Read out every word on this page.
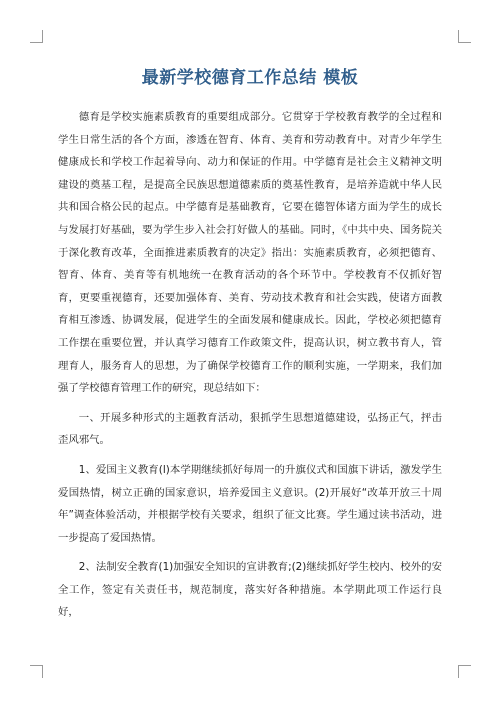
最新学校德育工作总结 模板

德育是学校实施素质教育的重要组成部分。它贯穿于学校教育教学的全过程和学生日常生活的各个方面，渗透在智育、体育、美育和劳动教育中。对青少年学生健康成长和学校工作起着导向、动力和保证的作用。中学德育是社会主义精神文明建设的奠基工程，是提高全民族思想道德素质的奠基性教育，是培养造就中华人民共和国合格公民的起点。中学德育是基础教育，它要在德智体诸方面为学生的成长与发展打好基础，要为学生步入社会打好做人的基础。同时，《中共中央、国务院关于深化教育改革，全面推进素质教育的决定》指出：实施素质教育，必须把德育、智育、体育、美育等有机地统一在教育活动的各个环节中。学校教育不仅抓好智育，更要重视德育，还要加强体育、美育、劳动技术教育和社会实践，使诸方面教育相互渗透、协调发展，促进学生的全面发展和健康成长。因此，学校必须把德育工作摆在重要位置，并认真学习德育工作政策文件，提高认识，树立教书育人，管理育人，服务育人的思想，为了确保学校德育工作的顺利实施，一学期来，我们加强了学校德育管理工作的研究，现总结如下：

一、开展多种形式的主题教育活动，狠抓学生思想道德建设，弘扬正气，抨击歪风邪气。

1、爱国主义教育(l)本学期继续抓好每周一的升旗仪式和国旗下讲话，激发学生爱国热情，树立正确的国家意识，培养爱国主义意识。(2)开展好“改革开放三十周年”调查体验活动，并根据学校有关要求，组织了征文比赛。学生通过读书活动，进一步提高了爱国热情。

2、法制安全教育(1)加强安全知识的宣讲教育;(2)继续抓好学生校内、校外的安全工作，签定有关责任书，规范制度，落实好各种措施。本学期此项工作运行良好，
